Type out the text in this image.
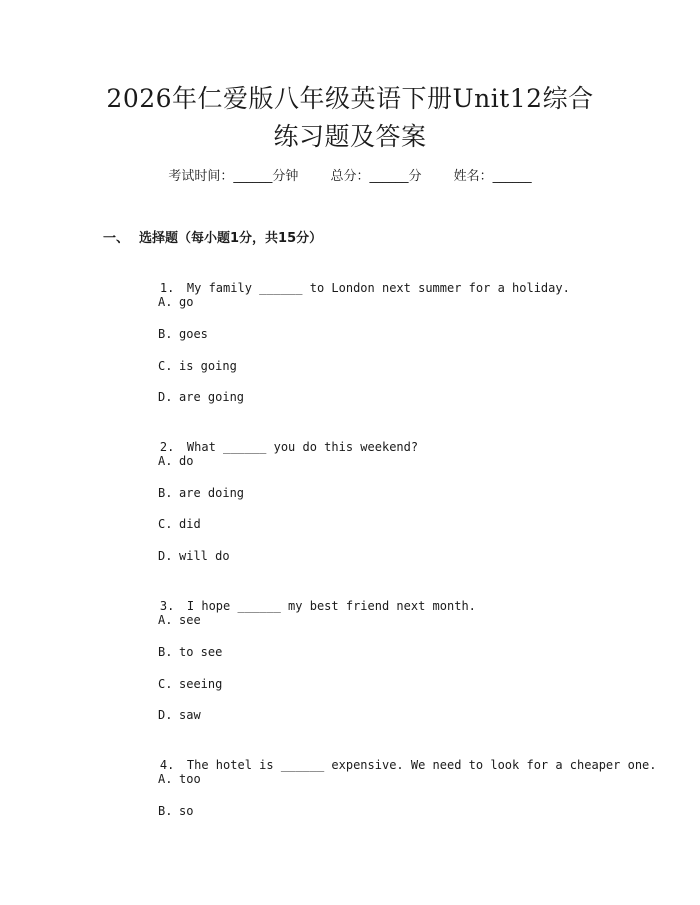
2026年仁爱版八年级英语下册Unit12综合
练习题及答案
考试时间：______分钟 总分：______分 姓名：______
一、 选择题（每小题1分，共15分）

1. My family ______ to London next summer for a holiday.

A. go
B. goes
C. is going
D. are going

2. What ______ you do this weekend?

A. do
B. are doing
C. did
D. will do

3. I hope ______ my best friend next month.

A. see
B. to see
C. seeing
D. saw

4. The hotel is ______ expensive. We need to look for a cheaper one.

A. too
B. so
